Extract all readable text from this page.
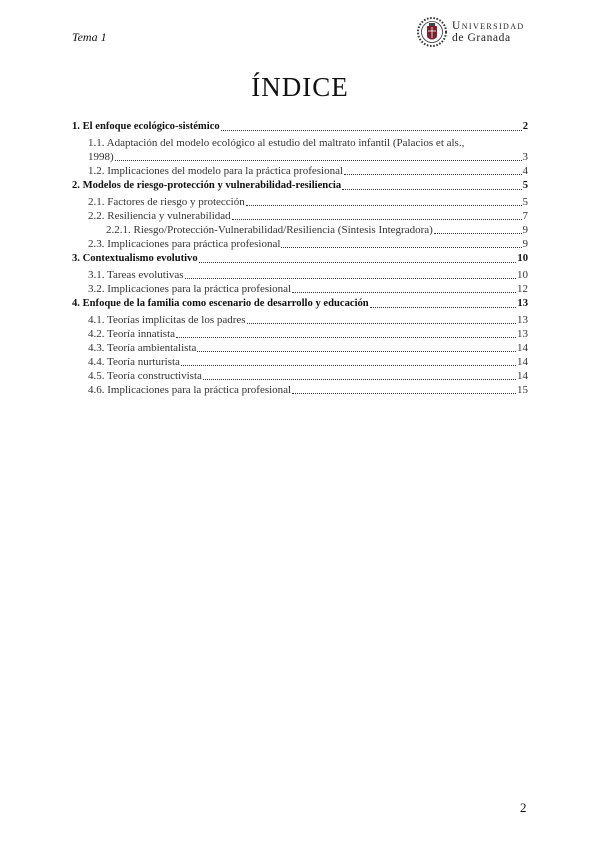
Tema 1
Universidad
de Granada
ÍNDICE
1. El enfoque ecológico-sistémico	2
1.1. Adaptación del modelo ecológico al estudio del maltrato infantil (Palacios et als.,
1998)	3
1.2. Implicaciones del modelo para la práctica profesional	4
2. Modelos de riesgo-protección y vulnerabilidad-resiliencia	5
2.1. Factores de riesgo y protección	5
2.2. Resiliencia y vulnerabilidad	7
2.2.1. Riesgo/Protección-Vulnerabilidad/Resiliencia (Síntesis Integradora)	9
2.3. Implicaciones para práctica profesional	9
3. Contextualismo evolutivo	10
3.1. Tareas evolutivas	10
3.2. Implicaciones para la práctica profesional	12
4. Enfoque de la familia como escenario de desarrollo y educación	13
4.1. Teorías implícitas de los padres	13
4.2. Teoría innatista	13
4.3. Teoría ambientalista	14
4.4. Teoría nurturista	14
4.5. Teoría constructivista	14
4.6. Implicaciones para la práctica profesional	15
2
